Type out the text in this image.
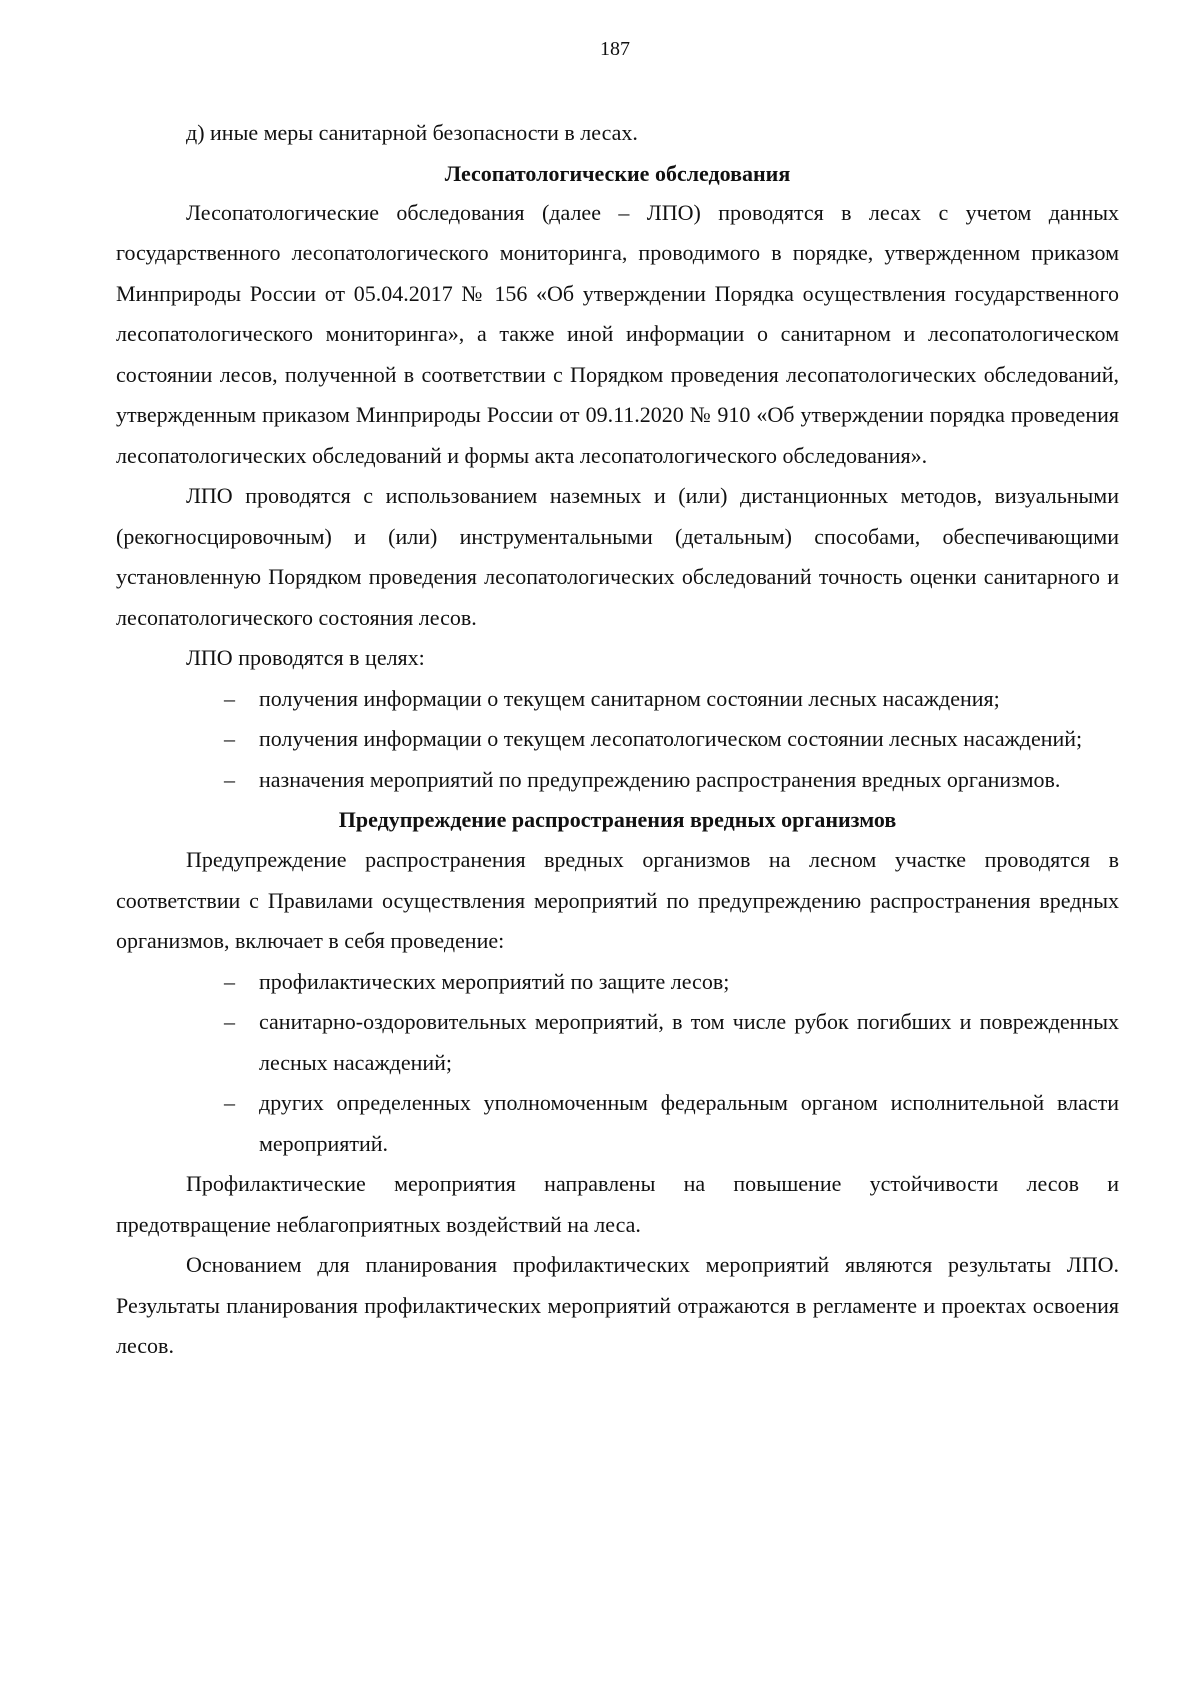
187

д) иные меры санитарной безопасности в лесах.

Лесопатологические обследования

Лесопатологические обследования (далее – ЛПО) проводятся в лесах с учетом данных государственного лесопатологического мониторинга, проводимого в порядке, утвержденном приказом Минприроды России от 05.04.2017 № 156 «Об утверждении Порядка осуществления государственного лесопатологического мониторинга», а также иной информации о санитарном и лесопатологическом состоянии лесов, полученной в соответствии с Порядком проведения лесопатологических обследований, утвержденным приказом Минприроды России от 09.11.2020 № 910 «Об утверждении порядка проведения лесопатологических обследований и формы акта лесопатологического обследования».

ЛПО проводятся с использованием наземных и (или) дистанционных методов, визуальными (рекогносцировочным) и (или) инструментальными (детальным) способами, обеспечивающими установленную Порядком проведения лесопатологических обследований точность оценки санитарного и лесопатологического состояния лесов.

ЛПО проводятся в целях:

– получения информации о текущем санитарном состоянии лесных насаждения;
– получения информации о текущем лесопатологическом состоянии лесных насаждений;
– назначения мероприятий по предупреждению распространения вредных организмов.
Предупреждение распространения вредных организмов

Предупреждение распространения вредных организмов на лесном участке проводятся в соответствии с Правилами осуществления мероприятий по предупреждению распространения вредных организмов, включает в себя проведение:

– профилактических мероприятий по защите лесов;
– санитарно-оздоровительных мероприятий, в том числе рубок погибших и поврежденных лесных насаждений;
– других определенных уполномоченным федеральным органом исполнительной власти мероприятий.

Профилактические мероприятия направлены на повышение устойчивости лесов и предотвращение неблагоприятных воздействий на леса.

Основанием для планирования профилактических мероприятий являются результаты ЛПО. Результаты планирования профилактических мероприятий отражаются в регламенте и проектах освоения лесов.
